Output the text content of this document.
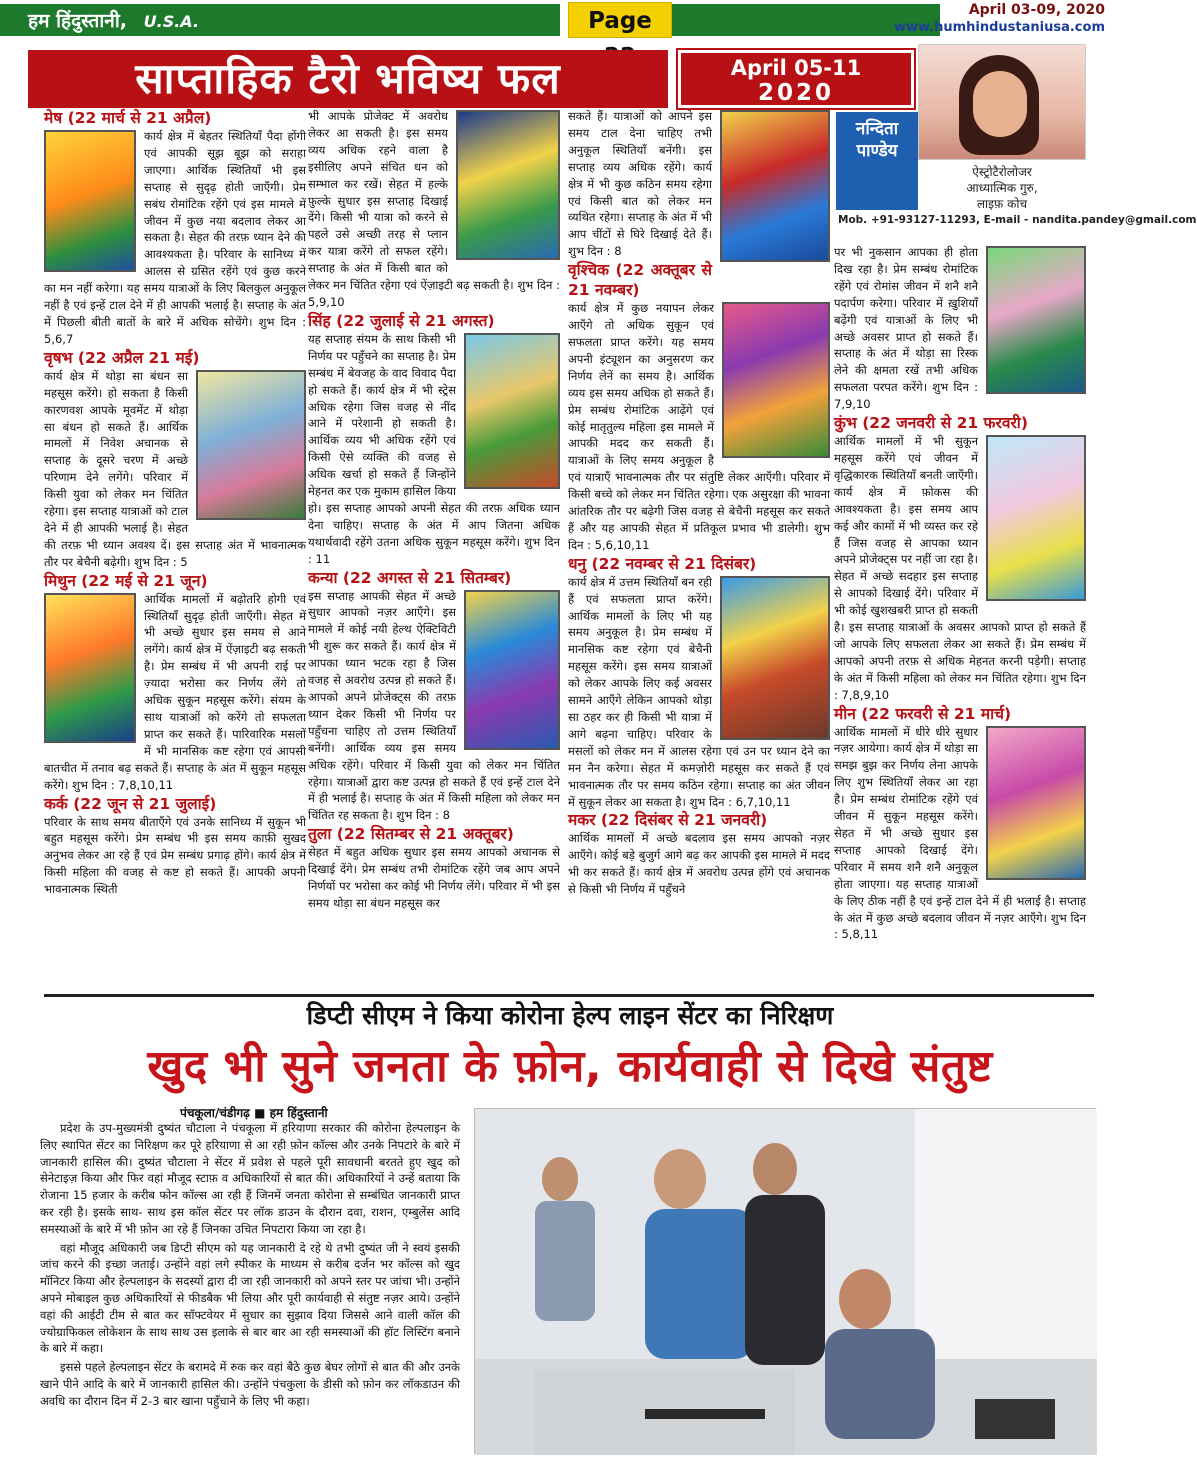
हम हिंदुस्तानी, U.S.A.	Page	April 03-09, 2020
www.humhindustaniusa.com
साप्ताहिक टैरो भविष्य फल	April 05-11
2020
नन्दिता
पाण्डेय
ऐस्ट्रोटैरोलोजर
आध्यात्मिक गुरु,
लाइफ़ कोच
Mob. +91-93127-11293, E-mail - nandita.pandey@gmail.com
मेष (22 मार्च से 21 अप्रैल)

कार्य क्षेत्र में बेहतर स्थितियाँ पैदा होंगी एवं आपकी सूझ बूझ को सराहा जाएगा। आर्थिक स्थितियाँ भी इस सप्ताह से सुदृढ़ होती जाएँगी। प्रेम सबंध रोमांटिक रहेंगे एवं इस मामले में जीवन में कुछ नया बदलाव लेकर आ सकता है। सेहत की तरफ़ ध्यान देने की आवश्यकता है। परिवार के सानिध्य में आलस से ग्रसित रहेंगे एवं कुछ करने का मन नहीं करेगा। यह समय यात्राओं के लिए बिलकुल अनुकूल नहीं है एवं इन्हें टाल देने में ही आपकी भलाई है। सप्ताह के अंत में पिछली बीती बातों के बारे में अधिक सोचेंगे। शुभ दिन : 5,6,7

वृषभ (22 अप्रैल 21 मई)

कार्य क्षेत्र में थोड़ा सा बंधन सा महसूस करेंगे। हो सकता है किसी कारणवश आपके मूवमेंट में थोड़ा सा बंधन हो सकते हैं। आर्थिक मामलों में निवेश अचानक से सप्ताह के दूसरे चरण में अच्छे परिणाम देने लगेंगे। परिवार में किसी युवा को लेकर मन चिंतित रहेगा। इस सप्ताह यात्राओं को टाल देने में ही आपकी भलाई है। सेहत की तरफ़ भी ध्यान अवश्य दें। इस सप्ताह अंत में भावनात्मक तौर पर बेचैनी बढ़ेगी। शुभ दिन : 5

मिथुन (22 मई से 21 जून)

आर्थिक मामलों में बढ़ोतरि होगी एवं स्थितियाँ सुदृढ़ होती जाएँगी। सेहत में भी अच्छे सुधार इस समय से आने लगेंगे। कार्य क्षेत्र में ऐंज़ाइटी बढ़ सकती है। प्रेम सम्बंध में भी अपनी राई पर ज़्यादा भरोसा कर निर्णय लेंगे तो अधिक सुकून महसूस करेंगे। संयम के साथ यात्राओं को करेंगे तो सफलता प्राप्त कर सकते हैं। पारिवारिक मसलों में भी मानसिक कष्ट रहेगा एवं आपसी बातचीत में तनाव बढ़ सकते हैं। सप्ताह के अंत में सुकून महसूस करेंगे। शुभ दिन : 7,8,10,11

कर्क (22 जून से 21 जुलाई)

परिवार के साथ समय बीताएँगे एवं उनके सानिध्य में सुकून भी बहुत महसूस करेंगे। प्रेम सम्बंध भी इस समय काफ़ी सुखद अनुभव लेकर आ रहे हैं एवं प्रेम सम्बंध प्रगाढ़ होंगे। कार्य क्षेत्र में किसी महिला की वजह से कष्ट हो सकते हैं। आपकी अपनी भावनात्मक स्थिती

भी आपके प्रोजेक्ट में अवरोध लेकर आ सकती है। इस समय व्यय अधिक रहने वाला है इसीलिए अपने संचित धन को सम्भाल कर रखें। सेहत में हल्के फ़ुल्के सुधार इस सप्ताह दिखाई देंगे। किसी भी यात्रा को करने से पहले उसे अच्छी तरह से प्लान कर यात्रा करेंगे तो सफल रहेंगे। सप्ताह के अंत में किसी बात को लेकर मन चिंतित रहेगा एवं ऐंज़ाइटी बढ़ सकती है। शुभ दिन : 5,9,10

सिंह (22 जुलाई से 21 अगस्त)

यह सप्ताह संयम के साथ किसी भी निर्णय पर पहुँचने का सप्ताह है। प्रेम सम्बंध में बेवजह के वाद विवाद पैदा हो सकते हैं। कार्य क्षेत्र में भी स्ट्रेस अधिक रहेगा जिस वजह से नींद आने में परेशानी हो सकती है। आर्थिक व्यय भी अधिक रहेंगे एवं किसी ऐसे व्यक्ति की वजह से अधिक खर्चा हो सकते हैं जिन्होंने मेहनत कर एक मुकाम हासिल किया हो। इस सप्ताह आपको अपनी सेहत की तरफ़ अधिक ध्यान देना चाहिए। सप्ताह के अंत में आप जितना अधिक यथार्थवादी रहेंगे उतना अधिक सुकून महसूस करेंगे। शुभ दिन : 11

कन्या (22 अगस्त से 21 सितम्बर)

इस सप्ताह आपकी सेहत में अच्छे सुधार आपको नज़र आएँगे। इस मामले में कोई नयी हेल्थ ऐक्टिविटी भी शुरू कर सकते हैं। कार्य क्षेत्र में आपका ध्यान भटक रहा है जिस वजह से अवरोध उत्पन्न हो सकते हैं। आपको अपने प्रोजेक्ट्स की तरफ़ ध्यान देकर किसी भी निर्णय पर पहुँचना चाहिए तो उत्तम स्थितियाँ बनेंगी। आर्थिक व्यय इस समय अधिक रहेंगे। परिवार में किसी युवा को लेकर मन चिंतित रहेगा। यात्राओं द्वारा कष्ट उत्पन्न हो सकते हैं एवं इन्हें टाल देने में ही भलाई है। सप्ताह के अंत में किसी महिला को लेकर मन चिंतित रह सकता है। शुभ दिन : 8

तुला (22 सितम्बर से 21 अक्तूबर)

सेहत में बहुत अधिक सुधार इस समय आपको अचानक से दिखाई देंगे। प्रेम सम्बंध तभी रोमांटिक रहेंगे जब आप अपने निर्णयों पर भरोसा कर कोई भी निर्णय लेंगे। परिवार में भी इस समय थोड़ा सा बंधन महसूस कर

सकते हैं। यात्राओं को आपने इस समय टाल देना चाहिए तभी अनुकूल स्थितियाँ बनेंगी। इस सप्ताह व्यय अधिक रहेंगे। कार्य क्षेत्र में भी कुछ कठिन समय रहेगा एवं किसी बात को लेकर मन व्यथित रहेगा। सप्ताह के अंत में भी आप चींटों से घिरे दिखाई देते हैं। शुभ दिन : 8

वृश्चिक (22 अक्तूबर से 21 नवम्बर)

कार्य क्षेत्र में कुछ नयापन लेकर आएँगे तो अधिक सुकून एवं सफलता प्राप्त करेंगे। यह समय अपनी इंट्यूशन का अनुसरण कर निर्णय लेनें का समय है। आर्थिक व्यय इस समय अधिक हो सकते हैं। प्रेम सम्बंध रोमांटिक आढ़ेंगे एवं कोई मातृतुल्य महिला इस मामले में आपकी मदद कर सकती हैं। यात्राओं के लिए समय अनुकूल है एवं यात्राएँ भावनात्मक तौर पर संतुष्टि लेकर आएँगी। परिवार में किसी बच्चे को लेकर मन चिंतित रहेगा। एक असुरक्षा की भावना आंतरिक तौर पर बढ़ेगी जिस वजह से बेचैनी महसूस कर सकते हैं और यह आपकी सेहत में प्रतिकूल प्रभाव भी डालेगी। शुभ दिन : 5,6,10,11

धनु (22 नवम्बर से 21 दिसंबर)

कार्य क्षेत्र में उत्तम स्थितियाँ बन रही हैं एवं सफलता प्राप्त करेंगे। आर्थिक मामलों के लिए भी यह समय अनुकूल है। प्रेम सम्बंध में मानसिक कष्ट रहेगा एवं बेचैनी महसूस करेंगे। इस समय यात्राओं को लेकर आपके लिए कई अवसर सामने आएँगे लेकिन आपको थोड़ा सा ठहर कर ही किसी भी यात्रा में आगे बढ़ना चाहिए। परिवार के मसलों को लेकर मन में आलस रहेगा एवं उन पर ध्यान देने का मन नैन करेगा। सेहत में कमज़ोरी महसूस कर सकते हैं एवं भावनात्मक तौर पर समय कठिन रहेगा। सप्ताह का अंत जीवन में सुकून लेकर आ सकता है। शुभ दिन : 6,7,10,11

मकर (22 दिसंबर से 21 जनवरी)

आर्थिक मामलों में अच्छे बदलाव इस समय आपको नज़र आएँगे। कोई बड़े बुजुर्ग आगे बढ़ कर आपकी इस मामले में मदद भी कर सकते हैं। कार्य क्षेत्र में अवरोध उत्पन्न होंगे एवं अचानक से किसी भी निर्णय में पहुँचने

पर भी नुकसान आपका ही होता दिख रहा है। प्रेम सम्बंध रोमांटिक रहेंगे एवं रोमांस जीवन में शनै शनै पदार्पण करेगा। परिवार में ख़ुशियाँ बढ़ेंगी एवं यात्राओं के लिए भी अच्छे अवसर प्राप्त हो सकते हैं। सप्ताह के अंत में थोड़ा सा रिस्क लेने की क्षमता रखें तभी अधिक सफलता परपत करेंगे। शुभ दिन : 7,9,10

कुंभ (22 जनवरी से 21 फरवरी)

आर्थिक मामलों में भी सुकून महसूस करेंगे एवं जीवन में वृद्धिकारक स्थितियाँ बनती जाएँगी। कार्य क्षेत्र में फ़ोकस की आवश्यकता है। इस समय आप कई और कामों में भी व्यस्त कर रहे हैं जिस वजह से आपका ध्यान अपने प्रोजेक्ट्स पर नहीं जा रहा है। सेहत में अच्छे सदहार इस सप्ताह से आपको दिखाई देंगे। परिवार में भी कोई खुशखबरी प्राप्त हो सकती है। इस सप्ताह यात्राओं के अवसर आपको प्राप्त हो सकते हैं जो आपके लिए सफलता लेकर आ सकते हैं। प्रेम सम्बंध में आपको अपनी तरफ़ से अधिक मेहनत करनी पड़ेगी। सप्ताह के अंत में किसी महिला को लेकर मन चिंतित रहेगा। शुभ दिन : 7,8,9,10

मीन (22 फरवरी से 21 मार्च)

आर्थिक मामलों में धीरे धीरे सुधार नज़र आयेगा। कार्य क्षेत्र में थोड़ा सा समझ बुझ कर निर्णय लेना आपके लिए शुभ स्थितियाँ लेकर आ रहा है। प्रेम सम्बंध रोमांटिक रहेंगे एवं जीवन में सुकून महसूस करेंगे। सेहत में भी अच्छे सुधार इस सप्ताह आपको दिखाई देंगे। परिवार में समय शनै शनै अनुकूल होता जाएगा। यह सप्ताह यात्राओं के लिए ठीक नहीं है एवं इन्हें टाल देने में ही भलाई है। सप्ताह के अंत में कुछ अच्छे बदलाव जीवन में नज़र आएँगे। शुभ दिन : 5,8,11

डिप्टी सीएम ने किया कोरोना हेल्प लाइन सेंटर का निरिक्षण
खुद भी सुने जनता के फ़ोन, कार्यवाही से दिखे संतुष्ट
पंचकूला/चंडीगढ़ ■ हम हिंदुस्तानी

प्रदेश के उप-मुख्यमंत्री दुष्यंत चौटाला ने पंचकूला में हरियाणा सरकार की कोरोना हेल्पलाइन के लिए स्थापित सेंटर का निरिक्षण कर पूरे हरियाणा से आ रही फ़ोन कॉल्स और उनके निपटारे के बारे में जानकारी हासिल की। दुष्यंत चौटाला ने सेंटर में प्रवेश से पहले पूरी सावधानी बरतते हुए खुद को सेनेटाइज़ किया और फिर वहां मौजूद स्टाफ़ व अधिकारियों से बात की। अधिकारियों ने उन्हें बताया कि रोजाना 15 हजार के करीब फोन कॉल्स आ रही हैं जिनमें जनता कोरोना से सम्बंधित जानकारी प्राप्त कर रही है। इसके साथ- साथ इस कॉल सेंटर पर लॉक डाउन के दौरान दवा, राशन, एम्बुलेंस आदि समस्याओं के बारे में भी फ़ोन आ रहे हैं जिनका उचित निपटारा किया जा रहा है।

वहां मौजूद अधिकारी जब डिप्टी सीएम को यह जानकारी दे रहे थे तभी दुष्यंत जी ने स्वयं इसकी जांच करने की इच्छा जताई। उन्होंने वहां लगे स्पीकर के माध्यम से करीब दर्जन भर कॉल्स को खुद मॉनिटर किया और हेल्पलाइन के सदस्यों द्वारा दी जा रही जानकारी को अपने स्तर पर जांचा भी। उन्होंने अपने मोबाइल कुछ अधिकारियों से फीडबैक भी लिया और पूरी कार्यवाही से संतुष्ट नज़र आये। उन्होंने वहां की आईटी टीम से बात कर सॉफ्टवेयर में सुधार का सुझाव दिया जिससे आने वाली कॉल की ज्योग्राफिकल लोकेशन के साथ साथ उस इलाके से बार बार आ रही समस्याओं की हॉट लिस्टिंग बनाने के बारे में कहा।

इससे पहले हेल्पलाइन सेंटर के बरामदे में रुक कर वहां बैठे कुछ बेघर लोगों से बात की और उनके खाने पीने आदि के बारे में जानकारी हासिल की। उन्होंने पंचकुला के डीसी को फ़ोन कर लॉकडाउन की अवधि का दौरान दिन में 2-3 बार खाना पहुँचाने के लिए भी कहा।
